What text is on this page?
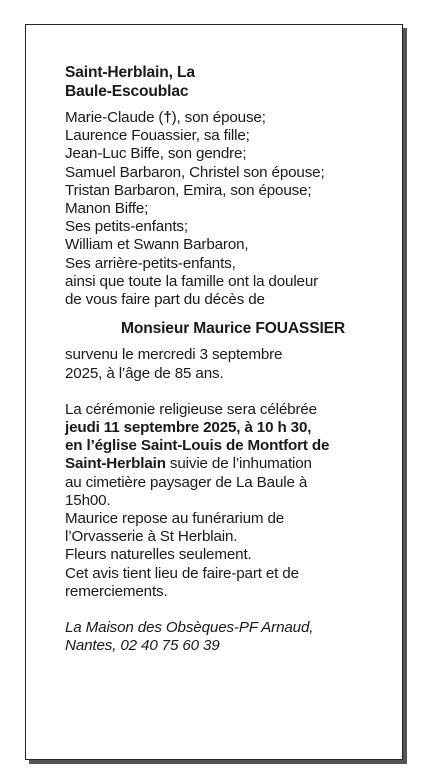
Saint-Herblain, La
Baule-Escoublac
Marie-Claude (†), son épouse;
Laurence Fouassier, sa fille;
Jean-Luc Biffe, son gendre;
Samuel Barbaron, Christel son épouse;
Tristan Barbaron, Emira, son épouse;
Manon Biffe;
Ses petits-enfants;
William et Swann Barbaron,
Ses arrière-petits-enfants,
ainsi que toute la famille ont la douleur
de vous faire part du décès de
Monsieur Maurice FOUASSIER
survenu le mercredi 3 septembre
2025, à l’âge de 85 ans.
La cérémonie religieuse sera célébrée
jeudi 11 septembre 2025, à 10 h 30,
en l’église Saint-Louis de Montfort de
Saint-Herblain suivie de l’inhumation
au cimetière paysager de La Baule à
15h00.
Maurice repose au funérarium de
l’Orvasserie à St Herblain.
Fleurs naturelles seulement.
Cet avis tient lieu de faire-part et de
remerciements.
La Maison des Obsèques-PF Arnaud,
Nantes, 02 40 75 60 39
